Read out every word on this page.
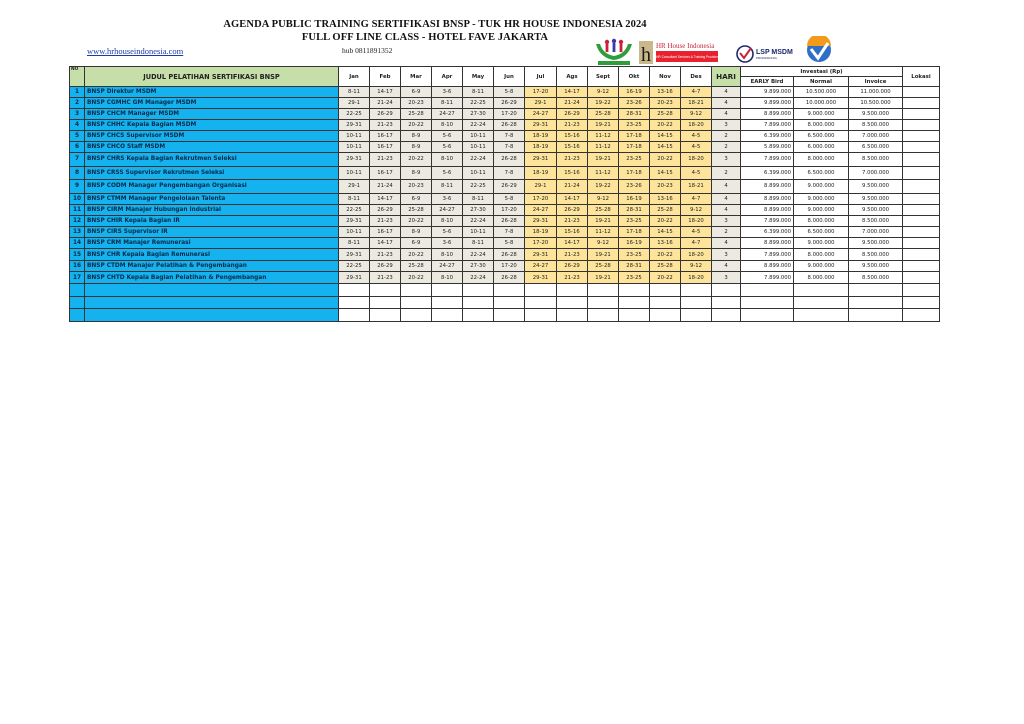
AGENDA PUBLIC TRAINING SERTIFIKASI BNSP - TUK HR HOUSE INDONESIA 2024
FULL OFF LINE CLASS - HOTEL FAVE JAKARTA
www.hrhouseindonesia.com	hub 0811891352	h HR House Indonesia
HR Consultant Services & Training Provider
LSP MSDM
PROFESIONAL
NO	JUDUL PELATIHAN SERTIFIKASI BNSP	Jan	Feb	Mar	Apr	May	Jun	Jul	Ags	Sept	Okt	Nov	Des	HARI	Investasi (Rp)			Lokasi
															EARLY Bird	Normal	Invoice	
1	BNSP Direktur MSDM	8-11	14-17	6-9	3-6	8-11	5-8	17-20	14-17	9-12	16-19	13-16	4-7	4	9.899.000	10.500.000	11.000.000	
2	BNSP CGMHC GM Manager MSDM	29-1	21-24	20-23	8-11	22-25	26-29	29-1	21-24	19-22	23-26	20-23	18-21	4	9.899.000	10.000.000	10.500.000	
3	BNSP CHCM Manager MSDM	22-25	26-29	25-28	24-27	27-30	17-20	24-27	26-29	25-28	28-31	25-28	9-12	4	8.899.000	9.000.000	9.500.000	
4	BNSP CHHC Kepala Bagian MSDM	29-31	21-23	20-22	8-10	22-24	26-28	29-31	21-23	19-21	23-25	20-22	18-20	3	7.899.000	8.000.000	8.500.000	
5	BNSP CHCS Supervisor MSDM	10-11	16-17	8-9	5-6	10-11	7-8	18-19	15-16	11-12	17-18	14-15	4-5	2	6.399.000	6.500.000	7.000.000	
6	BNSP CHCO Staff MSDM	10-11	16-17	8-9	5-6	10-11	7-8	18-19	15-16	11-12	17-18	14-15	4-5	2	5.899.000	6.000.000	6.500.000	
7	BNSP CHRS Kepala Bagian Rekrutmen Seleksi	29-31	21-23	20-22	8-10	22-24	26-28	29-31	21-23	19-21	23-25	20-22	18-20	3	7.899.000	8.000.000	8.500.000	
8	BNSP CRSS Supervisor Rekrutmen Seleksi	10-11	16-17	8-9	5-6	10-11	7-8	18-19	15-16	11-12	17-18	14-15	4-5	2	6.399.000	6.500.000	7.000.000	
9	BNSP CODM Manager Pengembangan Organisasi	29-1	21-24	20-23	8-11	22-25	26-29	29-1	21-24	19-22	23-26	20-23	18-21	4	8.899.000	9.000.000	9.500.000	
10	BNSP CTMM Manager Pengelolaan Talenta	8-11	14-17	6-9	3-6	8-11	5-8	17-20	14-17	9-12	16-19	13-16	4-7	4	8.899.000	9.000.000	9.500.000	
11	BNSP CIRM Manajer Hubungan Industrial	22-25	26-29	25-28	24-27	27-30	17-20	24-27	26-29	25-28	28-31	25-28	9-12	4	8.899.000	9.000.000	9.500.000	
12	BNSP CHIR Kepala Bagian IR	29-31	21-23	20-22	8-10	22-24	26-28	29-31	21-23	19-21	23-25	20-22	18-20	3	7.899.000	8.000.000	8.500.000	
13	BNSP CIRS Supervisor IR	10-11	16-17	8-9	5-6	10-11	7-8	18-19	15-16	11-12	17-18	14-15	4-5	2	6.399.000	6.500.000	7.000.000	
14	BNSP CRM Manajer Remunerasi	8-11	14-17	6-9	3-6	8-11	5-8	17-20	14-17	9-12	16-19	13-16	4-7	4	8.899.000	9.000.000	9.500.000	
15	BNSP CHR Kepala Bagian Remunerasi	29-31	21-23	20-22	8-10	22-24	26-28	29-31	21-23	19-21	23-25	20-22	18-20	3	7.899.000	8.000.000	8.500.000	
16	BNSP CTDM Manajer Pelatihan & Pengembangan	22-25	26-29	25-28	24-27	27-30	17-20	24-27	26-29	25-28	28-31	25-28	9-12	4	8.899.000	9.000.000	9.500.000	
17	BNSP CHTD Kepala Bagian Pelatihan & Pengembangan	29-31	21-23	20-22	8-10	22-24	26-28	29-31	21-23	19-21	23-25	20-22	18-20	3	7.899.000	8.000.000	8.500.000	
